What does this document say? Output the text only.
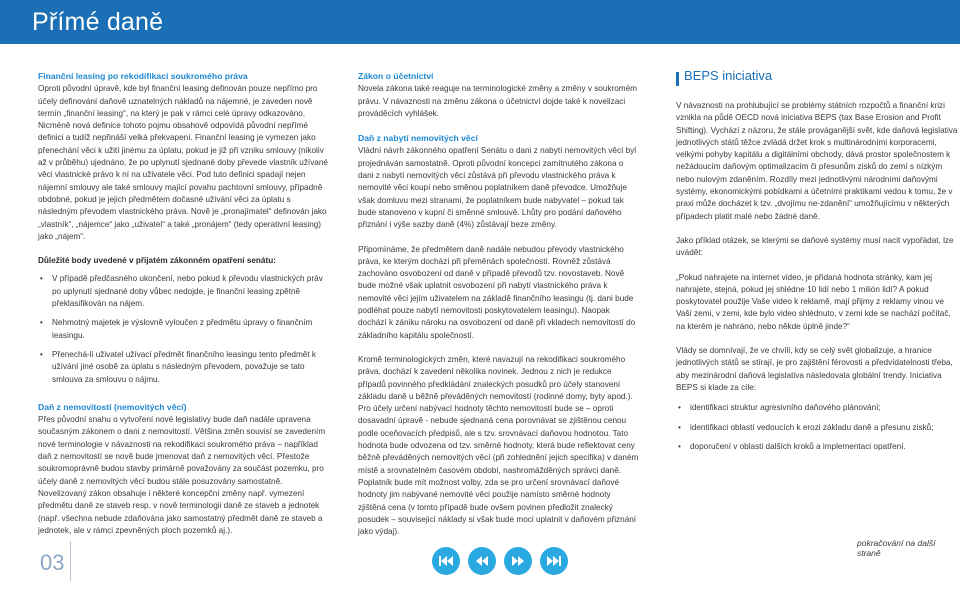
Přímé daně
Finanční leasing po rekodifikaci soukromého práva
Oproti původní úpravě, kde byl finanční leasing definován pouze nepřímo pro účely definování daňově uznatelných nákladů na nájemné, je zaveden nově termín „finanční leasing“, na který je pak v rámci celé úpravy odkazováno. Nicméně nová definice tohoto pojmu obsahově odpovídá původní nepřímé definici a tudíž nepřináší velká překvapení. Finanční leasing je vymezen jako přenechání věci k užití jinému za úplatu, pokud je již při vzniku smlouvy (nikoliv až v průběhu) ujednáno, že po uplynutí sjednané doby převede vlastník užívané věci vlastnické právo k ní na uživatele věci. Pod tuto definici spadají nejen nájemní smlouvy ale také smlouvy mající povahu pachtovní smlouvy, případně obdobné, pokud je jejich předmětem dočasné užívání věci za úplatu s následným převodem vlastnického práva. Nově je „pronajímatel“ definován jako „vlastník“, „nájemce“ jako „uživatel“ a také „pronájem“ (tedy operativní leasing) jako „nájem“.
Důležité body uvedené v přijatém zákonném opatření senátu:
• V případě předčasného ukončení, nebo pokud k převodu vlastnických práv po uplynutí sjednané doby vůbec nedojde, je finanční leasing zpětně překlasifikován na nájem.
• Nehmotný majetek je výslovně vyloučen z předmětu úpravy o finančním leasingu.
• Přenechá-li uživatel užívací předmět finančního leasingu tento předmět k užívání jiné osobě za úplatu s následným převodem, považuje se tato smlouva za smlouvu o nájmu.
Daň z nemovitostí (nemovitých věcí)
Přes původní snahu o vytvoření nové legislativy bude daň nadále upravena současným zákonem o dani z nemovitostí. Většina změn souvisí se zavedením nové terminologie v návaznosti na rekodifikaci soukromého práva – například daň z nemovitostí se nově bude jmenovat daň z nemovitých věcí. Přestože soukromoprávně budou stavby primárně považovány za součást pozemku, pro účely daně z nemovitých věcí budou stále posuzovány samostatně. Novelizovaný zákon obsahuje i některé koncepční změny např. vymezení předmětu daně ze staveb resp. v nově terminologii daně ze staveb a jednotek (např. všechna nebude zdaňována jako samostatný předmět daně ze staveb a jednotek, ale v rámci zpevněných ploch pozemků aj.).
Zákon o účetnictví
Novela zákona také reaguje na terminologické změny a změny v soukromém právu. V návaznosti na změnu zákona o účetnictví dojde také k novelizaci prováděcích vyhlášek.
Daň z nabytí nemovitých věcí
Vládní návrh zákonného opatření Senátu o dani z nabytí nemovitých věcí byl projednáván samostatně. Oproti původní koncepci zamítnutého zákona o dani z nabytí nemovitých věcí zůstává při převodu vlastnického práva k nemovité věci koupí nebo směnou poplatníkem daně převodce. Umožňuje však domluvu mezi stranami, že poplatníkem bude nabyvatel – pokud tak bude stanoveno v kupní či směnné smlouvě. Lhůty pro podání daňového přiznání i výše sazby daně (4%) zůstávají beze změny.
Připomínáme, že předmětem daně nadále nebudou převody vlastnického práva, ke kterým dochází při přeměnách společností. Rovněž zůstává zachováno osvobození od daně v případě převodů tzv. novostaveb. Nově bude možné však uplatnit osvobození při nabytí vlastnického práva k nemovité věci jejím uživatelem na základě finančního leasingu (tj. dani bude podléhat pouze nabytí nemovitosti poskytovatelem leasingu). Naopak dochází k zániku nároku na osvobození od daně při vkladech nemovitostí do základního kapitálu společností.
Kromě terminologických změn, které navazují na rekodifikaci soukromého práva, dochází k zavedení několika novinek. Jednou z nich je redukce případů povinného předkládání znaleckých posudků pro účely stanovení základu daně u běžně převáděných nemovitostí (rodinné domy, byty apod.). Pro účely určení nabývací hodnoty těchto nemovitostí bude se – oproti dosavadní úpravě - nebude sjednaná cena porovnávat se zjištěnou cenou podle oceňovacích předpisů, ale s tzv. srovnávací daňovou hodnotou. Tato hodnota bude odvozena od tzv. směrné hodnoty, která bude reflektovat ceny běžně převáděných nemovitých věcí (při zohlednění jejich specifika) v daném místě a srovnatelném časovém období, nashromážděných správci daně. Poplatník bude mít možnost volby, zda se pro určení srovnávací daňové hodnoty jim nabývané nemovité věci použije namísto směrné hodnoty zjištěná cena (v tomto případě bude ovšem povinen předložit znalecký posudek – souvisejicí náklady si však bude moci uplatnit v daňovém přiznání jako výdaj).
BEPS iniciativa
V návaznosti na prohlubující se problémy státních rozpočtů a finanční krizi vznikla na půdě OECD nová iniciativa BEPS (tax Base Erosion and Profit Shifting). Vychází z názoru, že stále prováganější svět, kde daňová legislativa jednotlivých států těžce zvládá držet krok s multinárodními korporacemi, velkými pohyby kapitálu a digitálními obchody, dává prostor společnostem k nežádoucím daňovým optimalizacím či přesunům zisků do zemí s nízkým nebo nulovým zdaněním. Rozdíly mezi jednotlivými národními daňovými systémy, ekonomickými pobídkami a účetními praktikami vedou k tomu, že v praxi může docházet k tzv. „dvojímu ne-zdanění“ umožňujícímu v některých případech platit malé nebo žádné daně.
Jako příklad otázek, se kterými se daňové systémy musí nacit vypořádat, lze uvádět:
„Pokud nahrajete na internet video, je přidaná hodnota stránky, kam jej nahrajete, stejná, pokud jej shlédne 10 lidí nebo 1 milión lidí? A pokud poskytovatel použije Vaše video k reklamě, mají přijmy z reklamy vinou ve Vaší zemi, v zemi, kde bylo video shlédnuto, v zemi kde se nachází počítač, na kterém je nahráno, nebo někde úplně jinde?“
Vlády se domnívají, že ve chvíli, kdy se celý svět globalizuje, a hranice jednotlivých států se stírají, je pro zajištění férovosti a předvídatelnosti třeba, aby mezinárodní daňová legislativa následovala globální trendy. Iniciativa BEPS si klade za cíle:
• identifikaci struktur agresivního daňového plánování;
• identifikaci oblastí vedoucích k erozi základu daně a přesunu zisků;
• doporučení v oblasti dalších kroků a implementaci opatření.
03
pokračování na další straně
